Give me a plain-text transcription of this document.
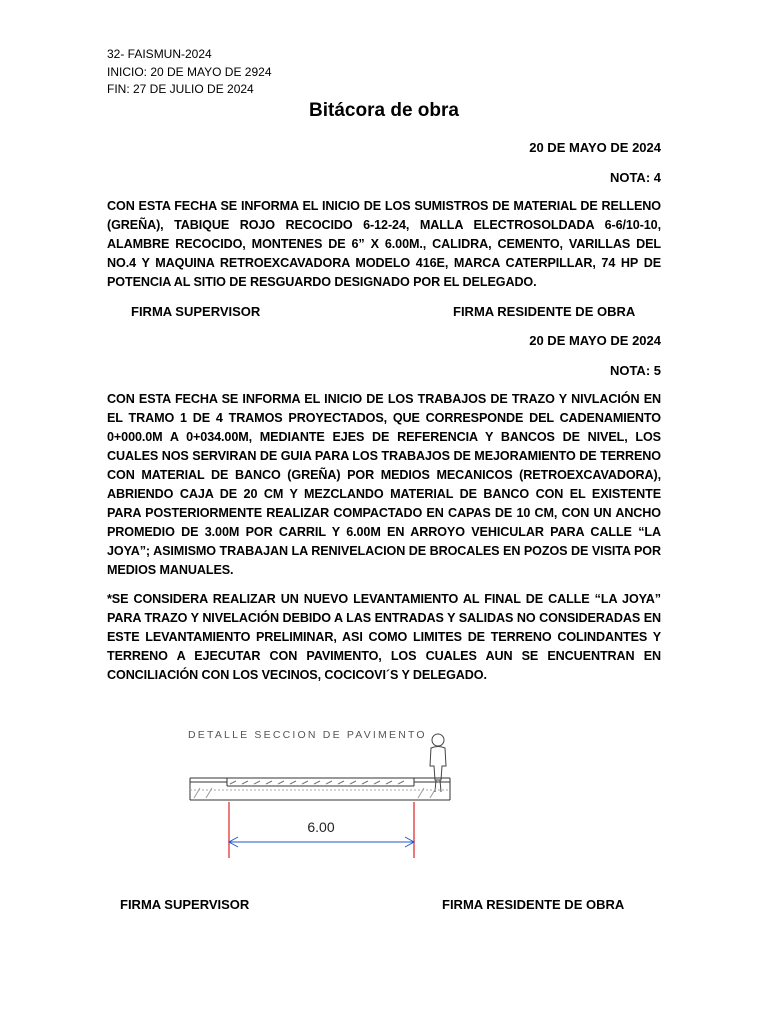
32- FAISMUN-2024
INICIO: 20 DE MAYO DE 2924
FIN: 27 DE JULIO DE 2024
Bitácora de obra
20 DE MAYO DE 2024
NOTA: 4
CON ESTA FECHA SE INFORMA EL INICIO DE LOS SUMISTROS DE MATERIAL DE RELLENO (GREÑA), TABIQUE ROJO RECOCIDO 6-12-24, MALLA ELECTROSOLDADA 6-6/10-10, ALAMBRE RECOCIDO, MONTENES DE 6” X 6.00M., CALIDRA, CEMENTO, VARILLAS DEL NO.4 Y MAQUINA RETROEXCAVADORA MODELO 416E, MARCA CATERPILLAR, 74 HP DE POTENCIA AL SITIO DE RESGUARDO DESIGNADO POR EL DELEGADO.
FIRMA SUPERVISOR	FIRMA RESIDENTE DE OBRA
20 DE MAYO DE 2024
NOTA: 5
CON ESTA FECHA SE INFORMA EL INICIO DE LOS TRABAJOS DE TRAZO Y NIVLACIÓN EN EL TRAMO 1 DE 4 TRAMOS PROYECTADOS, QUE CORRESPONDE DEL CADENAMIENTO 0+000.0M A 0+034.00M, MEDIANTE EJES DE REFERENCIA Y BANCOS DE NIVEL, LOS CUALES NOS SERVIRAN DE GUIA PARA LOS TRABAJOS DE MEJORAMIENTO DE TERRENO CON MATERIAL DE BANCO (GREÑA) POR MEDIOS MECANICOS (RETROEXCAVADORA), ABRIENDO CAJA DE 20 CM Y MEZCLANDO MATERIAL DE BANCO CON EL EXISTENTE PARA POSTERIORMENTE REALIZAR COMPACTADO EN CAPAS DE 10 CM, CON UN ANCHO PROMEDIO DE 3.00M POR CARRIL Y 6.00M EN ARROYO VEHICULAR PARA CALLE “LA JOYA”; ASIMISMO TRABAJAN LA RENIVELACION DE BROCALES EN POZOS DE VISITA POR MEDIOS MANUALES.
*SE CONSIDERA REALIZAR UN NUEVO LEVANTAMIENTO AL FINAL DE CALLE “LA JOYA” PARA TRAZO Y NIVELACIÓN DEBIDO A LAS ENTRADAS Y SALIDAS NO CONSIDERADAS EN ESTE LEVANTAMIENTO PRELIMINAR, ASI COMO LIMITES DE TERRENO COLINDANTES Y TERRENO A EJECUTAR CON PAVIMENTO, LOS CUALES AUN SE ENCUENTRAN EN CONCILIACIÓN CON LOS VECINOS, COCICOVI´S Y DELEGADO.
DETALLE SECCION DE PAVIMENTO
6.00
FIRMA SUPERVISOR	FIRMA RESIDENTE DE OBRA
